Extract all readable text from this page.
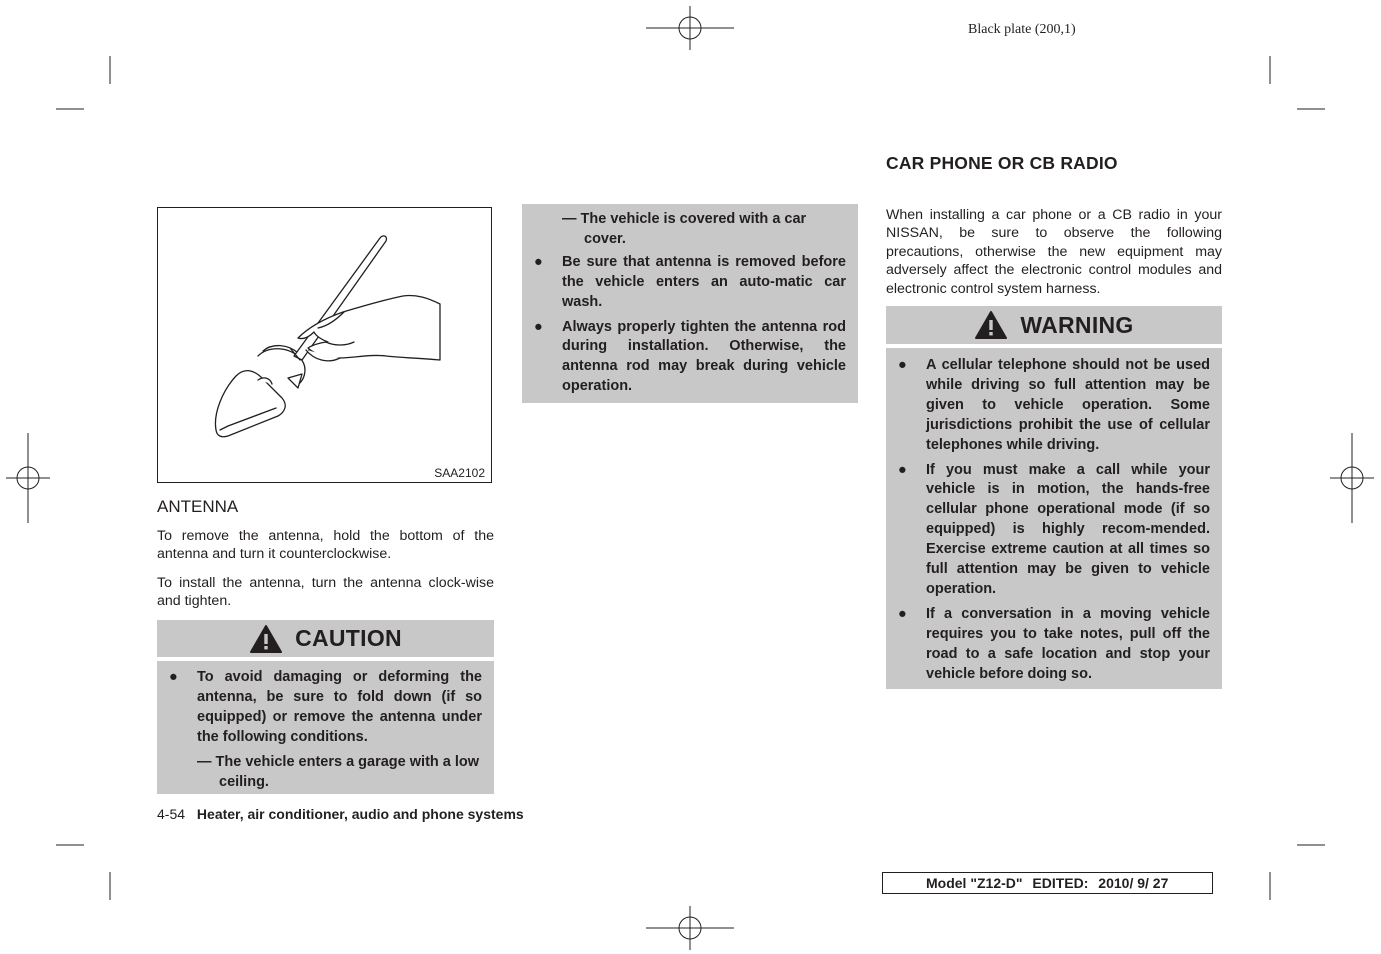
Black plate (200,1)
SAA2102
ANTENNA
To remove the antenna, hold the bottom of the antenna and turn it counterclockwise.
To install the antenna, turn the antenna clock-wise and tighten.
CAUTION
● To avoid damaging or deforming the antenna, be sure to fold down (if so equipped) or remove the antenna under the following conditions.
— The vehicle enters a garage with a low ceiling.
— The vehicle is covered with a car cover.
● Be sure that antenna is removed before the vehicle enters an auto-matic car wash.
● Always properly tighten the antenna rod during installation. Otherwise, the antenna rod may break during vehicle operation.
CAR PHONE OR CB RADIO
When installing a car phone or a CB radio in your NISSAN, be sure to observe the following precautions, otherwise the new equipment may adversely affect the electronic control modules and electronic control system harness.
WARNING
● A cellular telephone should not be used while driving so full attention may be given to vehicle operation. Some jurisdictions prohibit the use of cellular telephones while driving.
● If you must make a call while your vehicle is in motion, the hands-free cellular phone operational mode (if so equipped) is highly recom-mended. Exercise extreme caution at all times so full attention may be given to vehicle operation.
● If a conversation in a moving vehicle requires you to take notes, pull off the road to a safe location and stop your vehicle before doing so.
4-54 Heater, air conditioner, audio and phone systems
Model "Z12-D" EDITED: 2010/ 9/ 27
